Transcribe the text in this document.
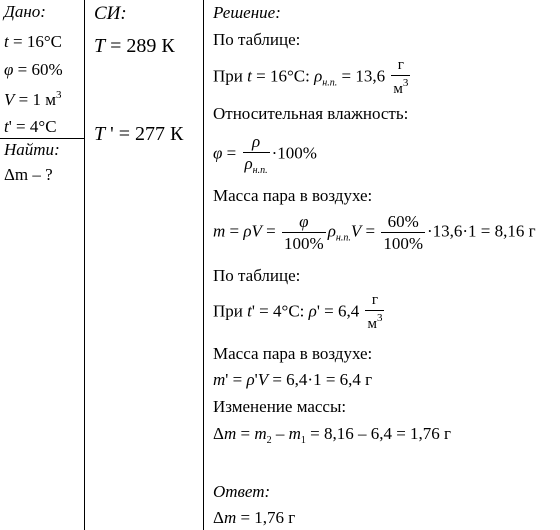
Дано:
t = 16°C
φ = 60%
V = 1 $м^3$
t' = 4°C
Найти:
Δm – ?
СИ:
T = 289 К
T ' = 277 К
Решение:
По таблице:
При t = 16°C: $\rho_{н.п.} = 13,6 \frac{г}{м^3}$
Относительная влажность:
φ =
ρ
$\rho_{н.п.}$
·100%
Масса пара в воздухе:
$m = \rho V = \frac{\varphi}{100\%} \rho_{н.п.}V = \frac{60\%}{100\%} \cdot 13,6\cdot 1 = 8,16$ г
По таблице:
При t' = 4°C: $\rho' = 6,4 \frac{г}{м^3}$
Масса пара в воздухе:
m' = ρ'V = 6,4·1 = 6,4 г
Изменение массы:
$\Delta m = m_2 - m_1 = 8,16 - 6,4 = 1,76$ г
Ответ:
Δm = 1,76 г
